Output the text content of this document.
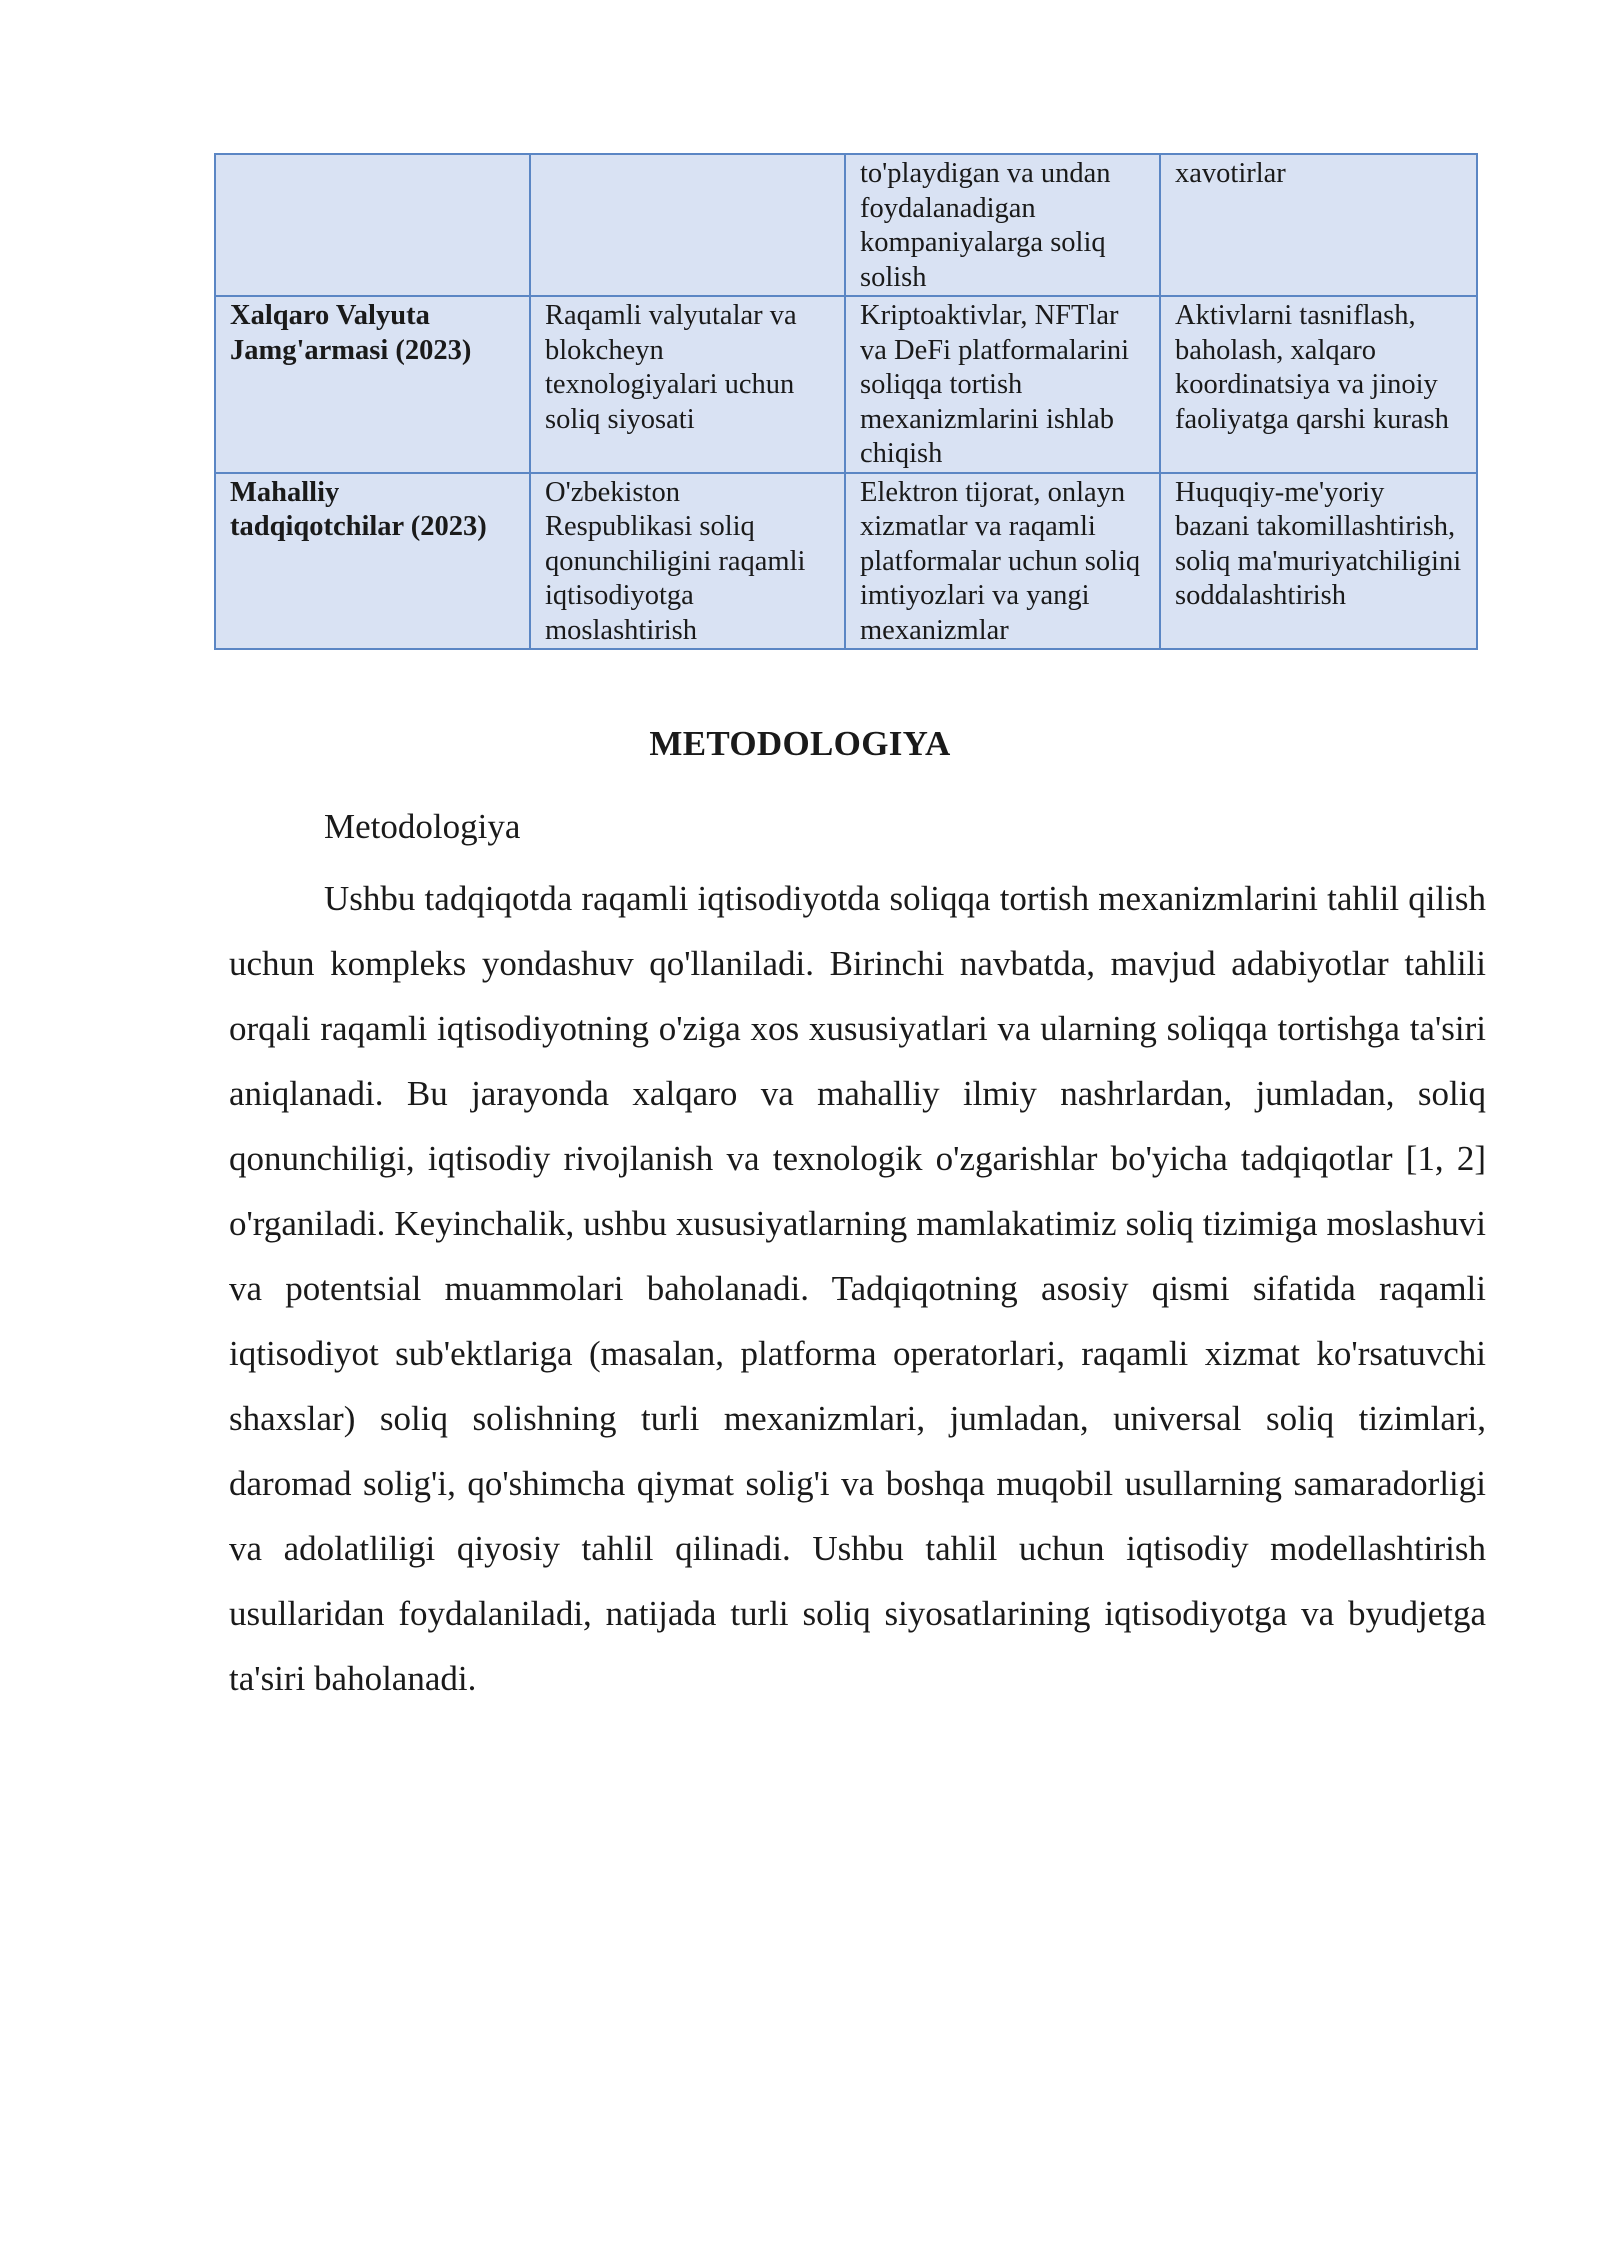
		to'playdigan va undan foydalanadigan kompaniyalarga soliq solish	xavotirlar
Xalqaro Valyuta Jamg'armasi (2023)	Raqamli valyutalar va blokcheyn texnologiyalari uchun soliq siyosati	Kriptoaktivlar, NFTlar va DeFi platformalarini soliqqa tortish mexanizmlarini ishlab chiqish	Aktivlarni tasniflash, baholash, xalqaro koordinatsiya va jinoiy faoliyatga qarshi kurash
Mahalliy tadqiqotchilar (2023)	O'zbekiston Respublikasi soliq qonunchiligini raqamli iqtisodiyotga moslashtirish	Elektron tijorat, onlayn xizmatlar va raqamli platformalar uchun soliq imtiyozlari va yangi mexanizmlar	Huquqiy-me'yoriy bazani takomillashtirish, soliq ma'muriyatchiligini soddalashtirish
METODOLOGIYA
Metodologiya

Ushbu tadqiqotda raqamli iqtisodiyotda soliqqa tortish mexanizmlarini tahlil qilish uchun kompleks yondashuv qo'llaniladi. Birinchi navbatda, mavjud adabiyotlar tahlili orqali raqamli iqtisodiyotning o'ziga xos xususiyatlari va ularning soliqqa tortishga ta'siri aniqlanadi. Bu jarayonda xalqaro va mahalliy ilmiy nashrlardan, jumladan, soliq qonunchiligi, iqtisodiy rivojlanish va texnologik o'zgarishlar bo'yicha tadqiqotlar [1, 2] o'rganiladi. Keyinchalik, ushbu xususiyatlarning mamlakatimiz soliq tizimiga moslashuvi va potentsial muammolari baholanadi. Tadqiqotning asosiy qismi sifatida raqamli iqtisodiyot sub'ektlariga (masalan, platforma operatorlari, raqamli xizmat ko'rsatuvchi shaxslar) soliq solishning turli mexanizmlari, jumladan, universal soliq tizimlari, daromad solig'i, qo'shimcha qiymat solig'i va boshqa muqobil usullarning samaradorligi va adolatliligi qiyosiy tahlil qilinadi. Ushbu tahlil uchun iqtisodiy modellashtirish usullaridan foydalaniladi, natijada turli soliq siyosatlarining iqtisodiyotga va byudjetga ta'siri baholanadi.
